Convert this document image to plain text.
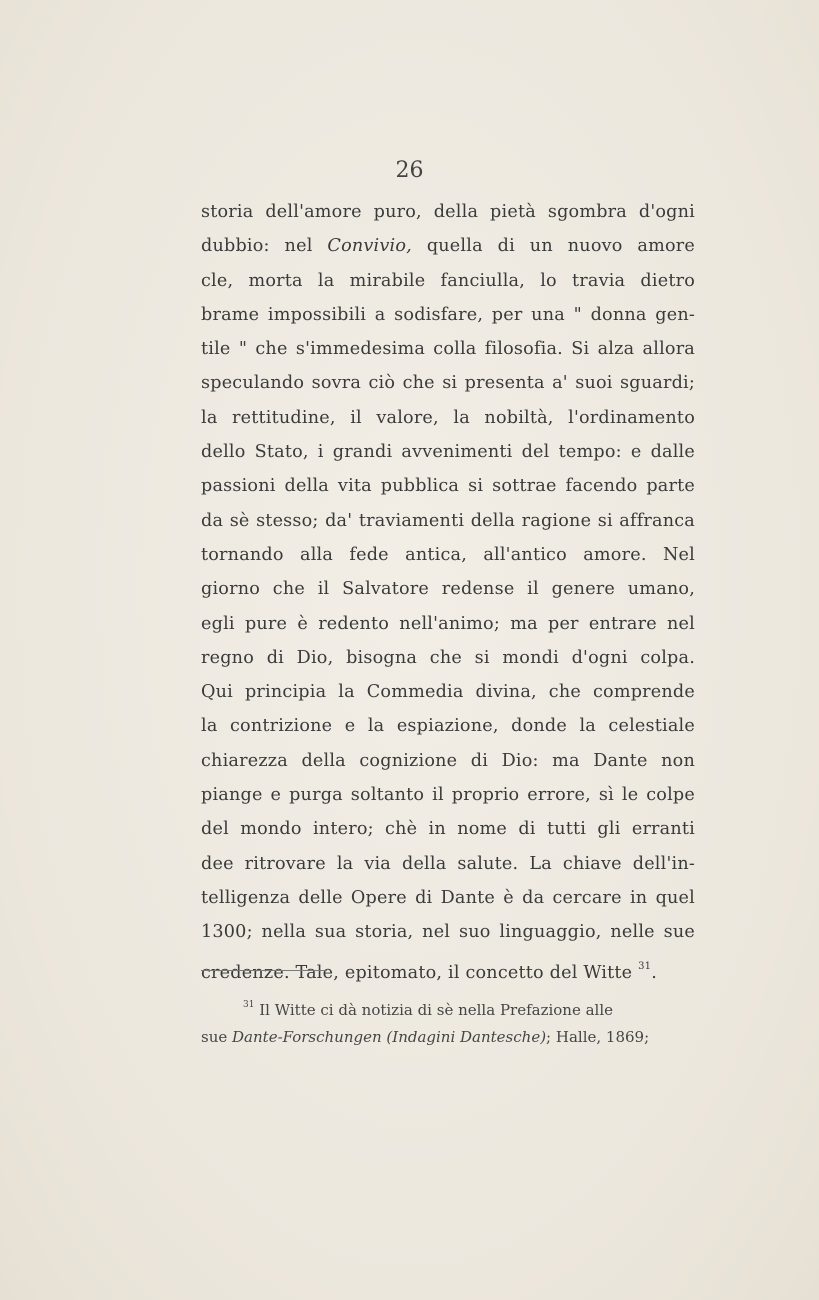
26
storia dell'amore puro, della pietà sgombra d'ogni
dubbio: nel Convivio, quella di un nuovo amore
cle, morta la mirabile fanciulla, lo travia dietro
brame impossibili a sodisfare, per una " donna gen-
tile " che s'immedesima colla filosofia. Si alza allora
speculando sovra ciò che si presenta a' suoi sguardi;
la rettitudine, il valore, la nobiltà, l'ordinamento
dello Stato, i grandi avvenimenti del tempo: e dalle
passioni della vita pubblica si sottrae facendo parte
da sè stesso; da' traviamenti della ragione si affranca
tornando alla fede antica, all'antico amore. Nel
giorno che il Salvatore redense il genere umano,
egli pure è redento nell'animo; ma per entrare nel
regno di Dio, bisogna che si mondi d'ogni colpa.
Qui principia la Commedia divina, che comprende
la contrizione e la espiazione, donde la celestiale
chiarezza della cognizione di Dio: ma Dante non
piange e purga soltanto il proprio errore, sì le colpe
del mondo intero; chè in nome di tutti gli erranti
dee ritrovare la via della salute. La chiave dell'in-
telligenza delle Opere di Dante è da cercare in quel
1300; nella sua storia, nel suo linguaggio, nelle sue
credenze. Tale, epitomato, il concetto del Witte $^{31}$.
$^{31}$ Il Witte ci dà notizia di sè nella Prefazione alle
sue Dante-Forschungen (Indagini Dantesche); Halle, 1869;
